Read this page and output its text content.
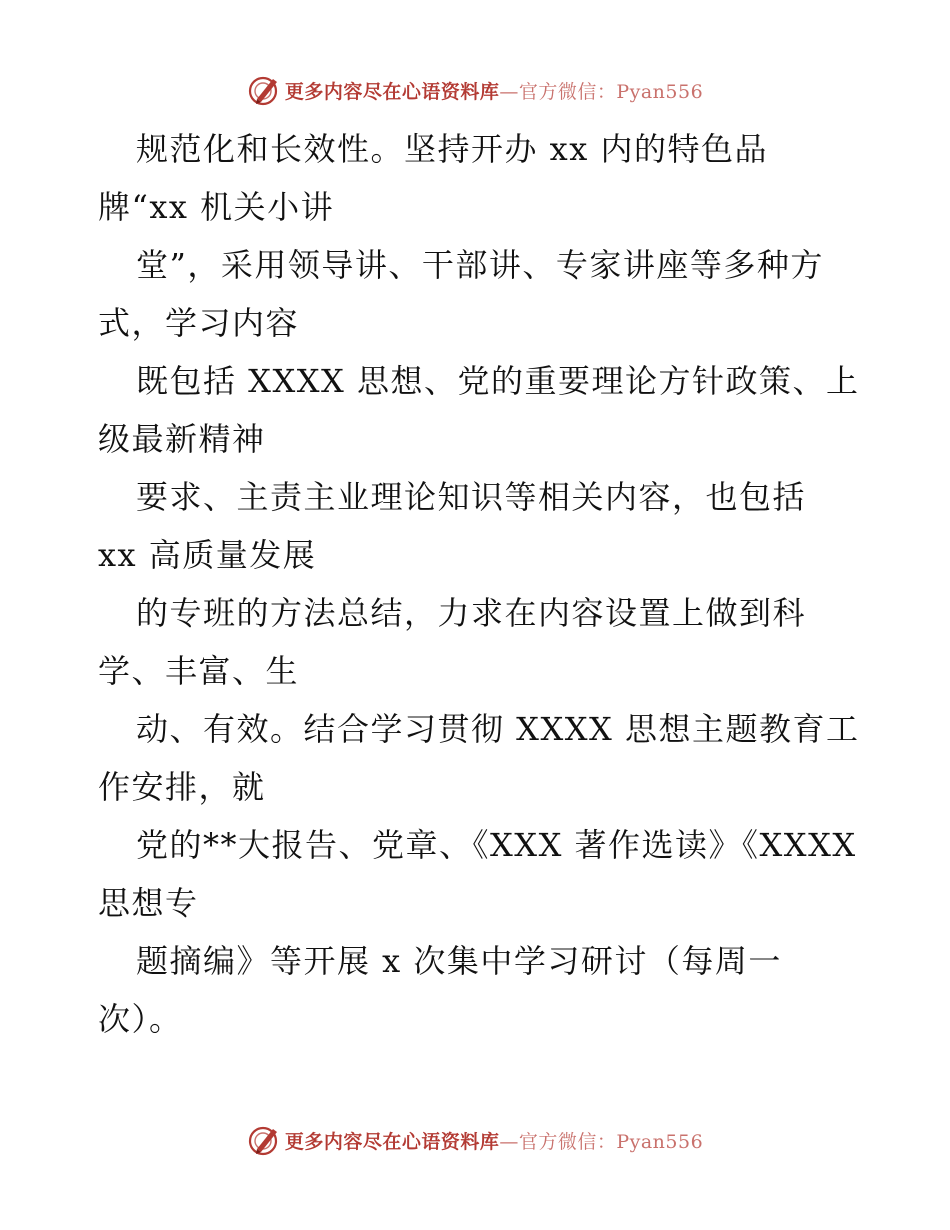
更多内容尽在心语资料库—官方微信：Pyan556
规范化和长效性。坚持开办 xx 内的特色品
牌“xx 机关小讲
堂”，采用领导讲、干部讲、专家讲座等多种方
式，学习内容
既包括 XXXX 思想、党的重要理论方针政策、上
级最新精神
要求、主责主业理论知识等相关内容，也包括
xx 高质量发展
的专班的方法总结，力求在内容设置上做到科
学、丰富、生
动、有效。结合学习贯彻 XXXX 思想主题教育工
作安排，就
党的**大报告、党章、《XXX 著作选读》《XXXX
思想专
题摘编》等开展 x 次集中学习研讨（每周一
次）。
更多内容尽在心语资料库—官方微信：Pyan556
